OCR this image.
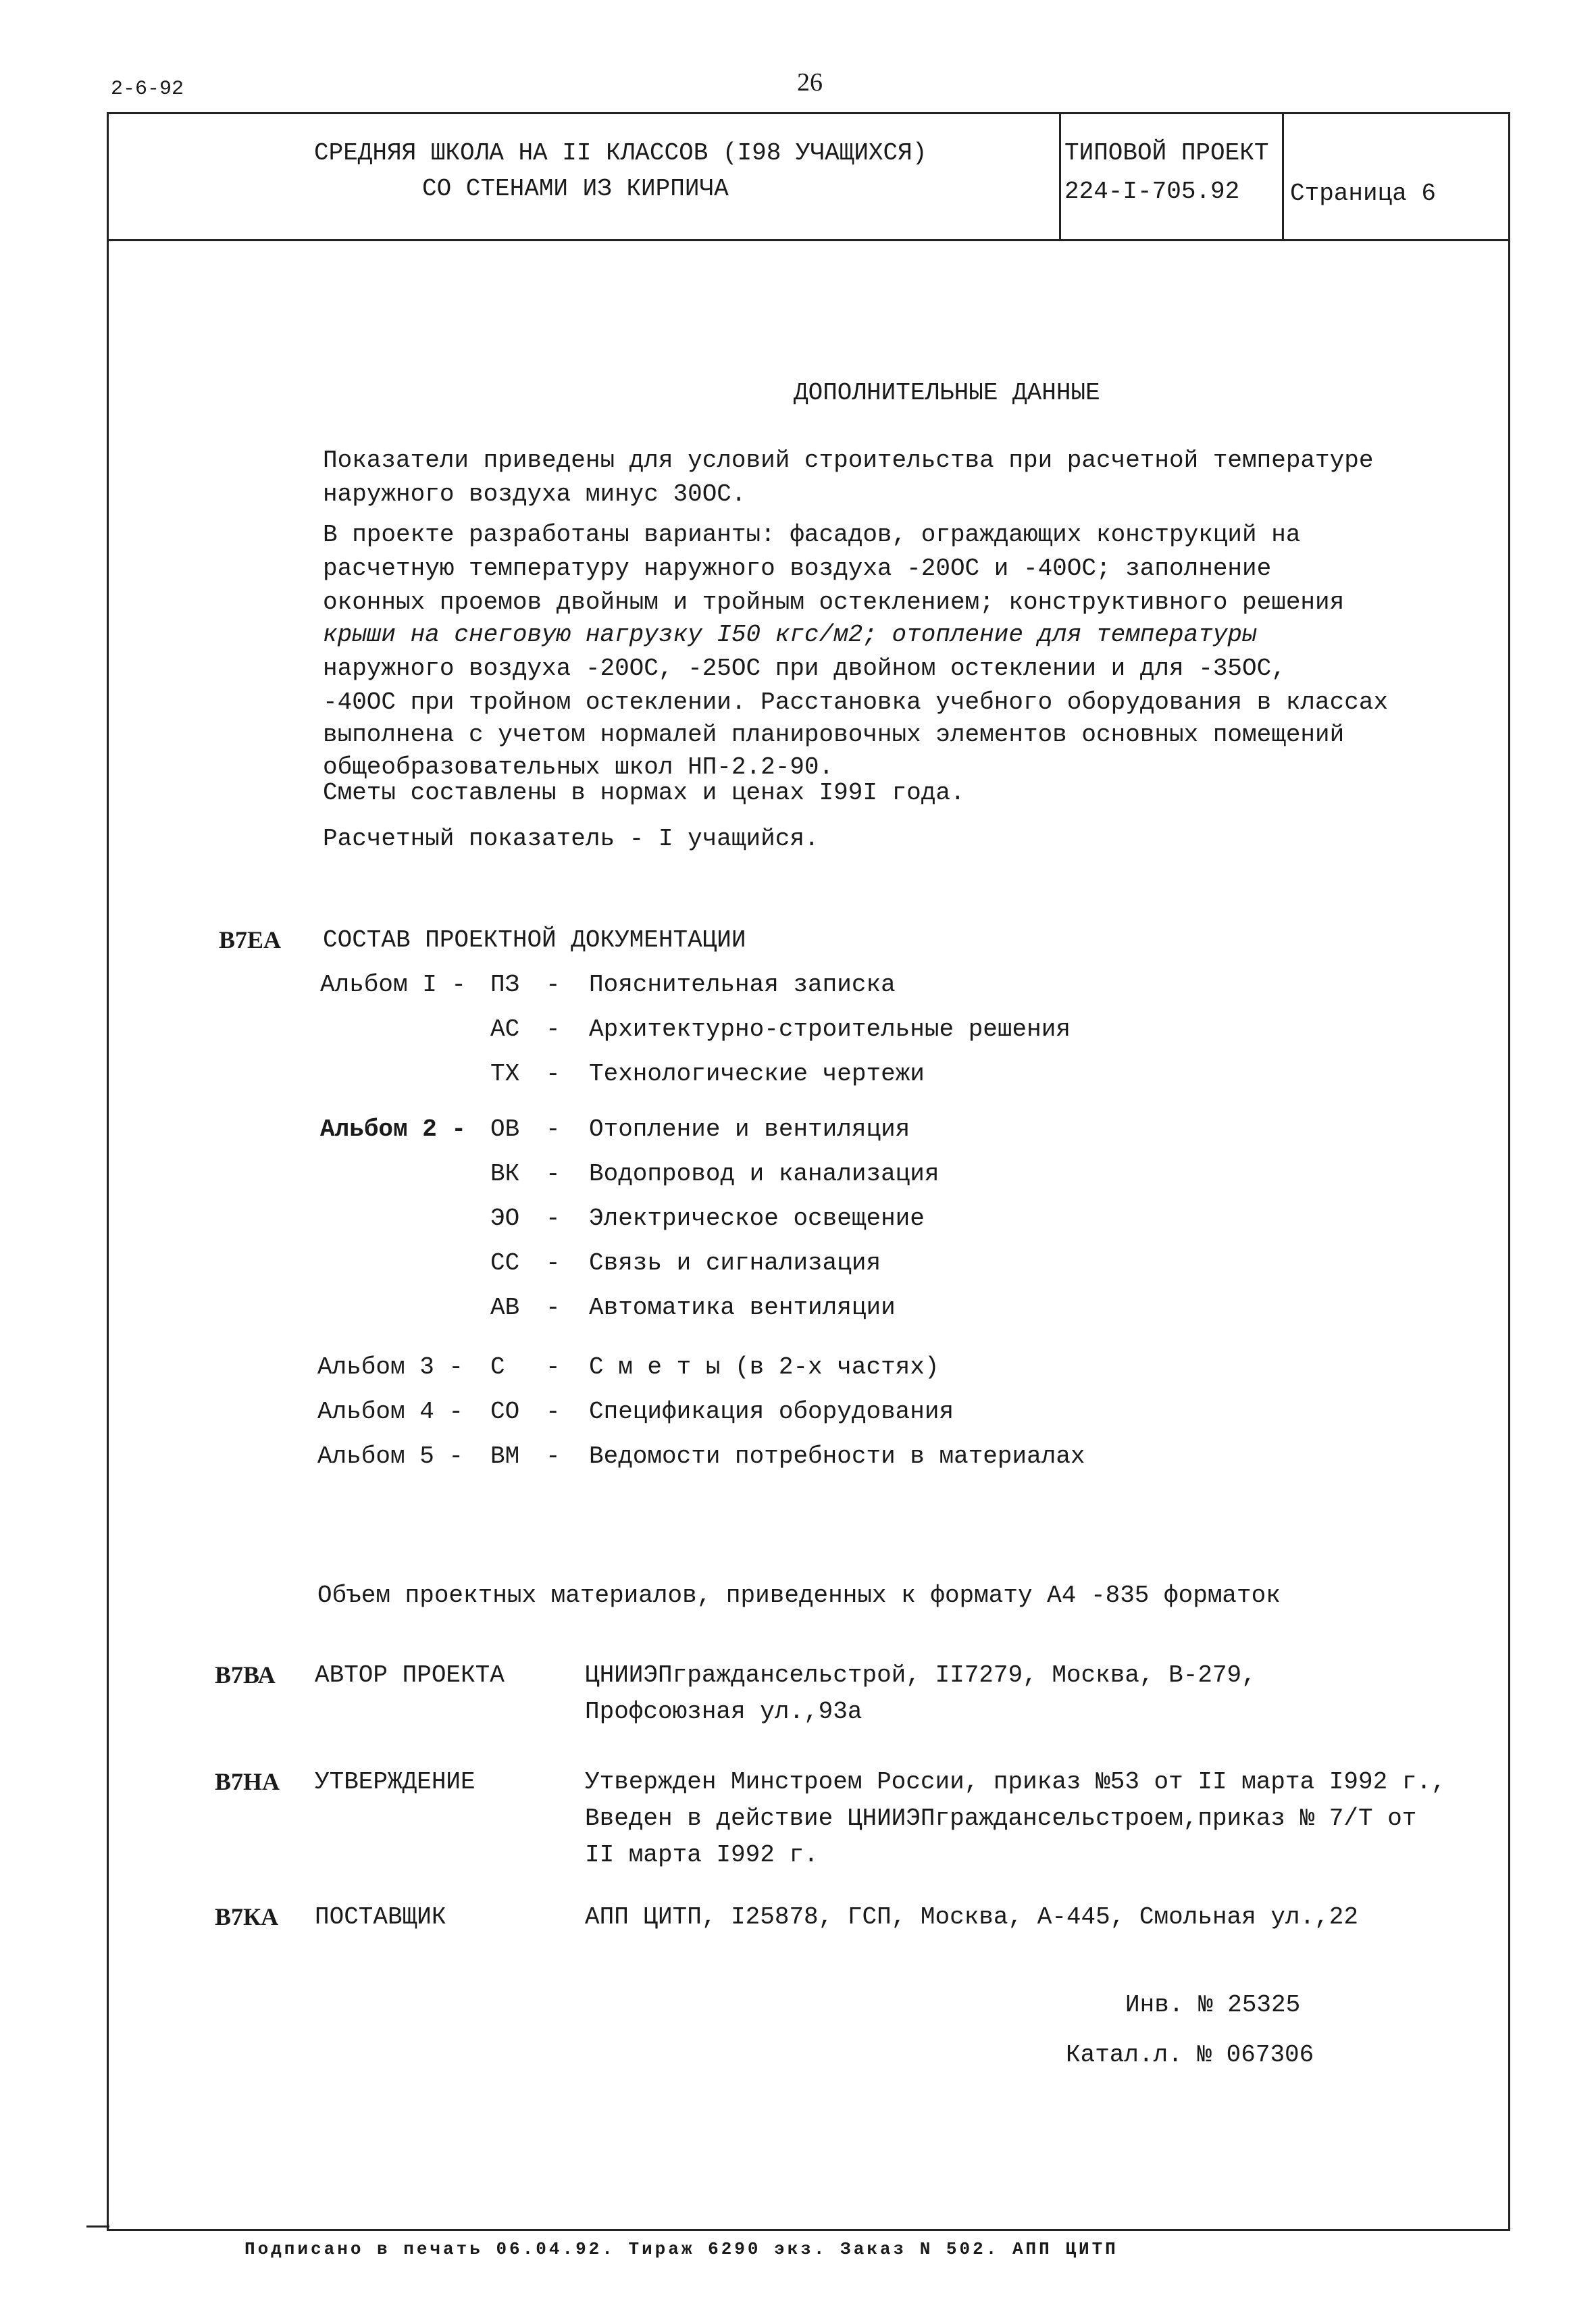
2-6-92	26
СРЕДНЯЯ ШКОЛА НА II КЛАССОВ (I98 УЧАЩИХСЯ)
СО СТЕНАМИ ИЗ КИРПИЧА
ТИПОВОЙ ПРОЕКТ
224-I-705.92 Страница 6
ДОПОЛНИТЕЛЬНЫЕ ДАННЫЕ
Показатели приведены для условий строительства при расчетной температуре
наружного воздуха минус 30ОС.
В проекте разработаны варианты: фасадов, ограждающих конструкций на
расчетную температуру наружного воздуха -20ОС и -40ОС; заполнение
оконных проемов двойным и тройным остеклением; конструктивного решения
крыши на снеговую нагрузку I50 кгс/м2; отопление для температуры
наружного воздуха -20ОС, -25ОС при двойном остеклении и для -35ОС,
-40ОС при тройном остеклении. Расстановка учебного оборудования в классах
выполнена с учетом нормалей планировочных элементов основных помещений
общеобразовательных школ НП-2.2-90.
Сметы составлены в нормах и ценах I99I года.
Расчетный показатель - I учащийся.
В7ЕА СОСТАВ ПРОЕКТНОЙ ДОКУМЕНТАЦИИ
Альбом I - ПЗ - Пояснительная записка
АС - Архитектурно-строительные решения
ТХ - Технологические чертежи
Альбом 2 - ОВ - Отопление и вентиляция
ВК - Водопровод и канализация
ЭО - Электрическое освещение
СС - Связь и сигнализация
АВ - Автоматика вентиляции
Альбом 3 - С - С м е т ы (в 2-х частях)
Альбом 4 - СО - Спецификация оборудования
Альбом 5 - ВМ - Ведомости потребности в материалах
Объем проектных материалов, приведенных к формату А4 -835 форматок
В7ВА АВТОР ПРОЕКТА	ЦНИИЭПграждансельстрой, II7279, Москва, В-279,
Профсоюзная ул.,93а
В7НА УТВЕРЖДЕНИЕ	Утвержден Минстроем России, приказ №53 от II марта I992 г.,
Введен в действие ЦНИИЭПграждансельстроем,приказ № 7/Т от
II марта I992 г.
В7КА ПОСТАВЩИК	АПП ЦИТП, I25878, ГСП, Москва, А-445, Смольная ул.,22
Инв. № 25325
Катал.л. № 067306
Подписано в печать 06.04.92. Тираж 6290 экз. Заказ N 502. АПП ЦИТП
